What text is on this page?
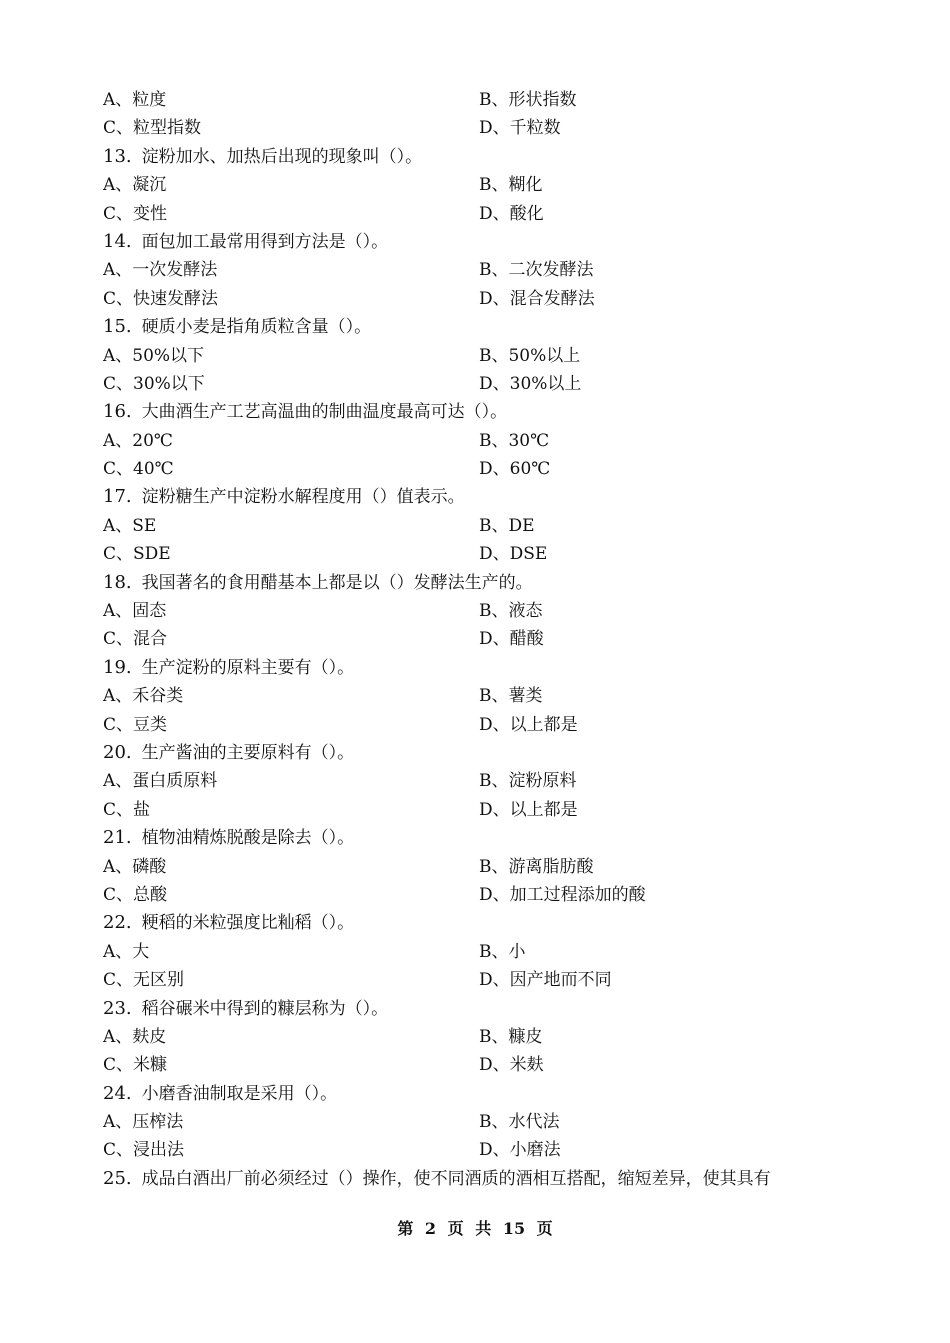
A、粒度	B、形状指数
C、粒型指数	D、千粒数
13. 淀粉加水、加热后出现的现象叫（）。
A、凝沉	B、糊化
C、变性	D、酸化
14. 面包加工最常用得到方法是（）。
A、一次发酵法	B、二次发酵法
C、快速发酵法	D、混合发酵法
15. 硬质小麦是指角质粒含量（）。
A、50%以下	B、50%以上
C、30%以下	D、30%以上
16. 大曲酒生产工艺高温曲的制曲温度最高可达（）。
A、20℃	B、30℃
C、40℃	D、60℃
17. 淀粉糖生产中淀粉水解程度用（）值表示。
A、SE	B、DE
C、SDE	D、DSE
18. 我国著名的食用醋基本上都是以（）发酵法生产的。
A、固态	B、液态
C、混合	D、醋酸
19. 生产淀粉的原料主要有（）。
A、禾谷类	B、薯类
C、豆类	D、以上都是
20. 生产酱油的主要原料有（）。
A、蛋白质原料	B、淀粉原料
C、盐	D、以上都是
21. 植物油精炼脱酸是除去（）。
A、磷酸	B、游离脂肪酸
C、总酸	D、加工过程添加的酸
22. 粳稻的米粒强度比籼稻（）。
A、大	B、小
C、无区别	D、因产地而不同
23. 稻谷碾米中得到的糠层称为（）。
A、麸皮	B、糠皮
C、米糠	D、米麸
24. 小磨香油制取是采用（）。
A、压榨法	B、水代法
C、浸出法	D、小磨法
25. 成品白酒出厂前必须经过（）操作，使不同酒质的酒相互搭配，缩短差异，使其具有
第 2 页 共 15 页
